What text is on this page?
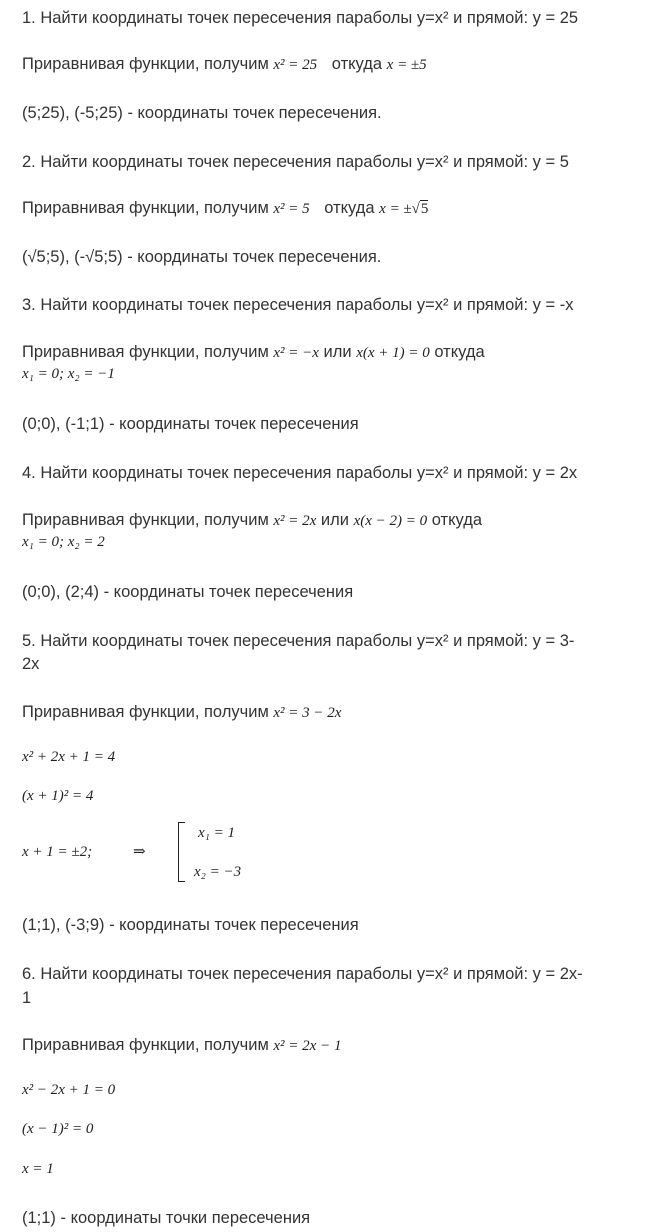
1. Найти координаты точек пересечения параболы y=x² и прямой: y = 25
Приравнивая функции, получим x² = 25 откуда x = ±5
(5;25), (-5;25) - координаты точек пересечения.
2. Найти координаты точек пересечения параболы y=x² и прямой: y = 5
Приравнивая функции, получим x² = 5 откуда x = ±√5
(√5;5), (-√5;5) - координаты точек пересечения.
3. Найти координаты точек пересечения параболы y=x² и прямой: y = -x
Приравнивая функции, получим x² = −x или x(x + 1) = 0 откуда
x₁ = 0; x₂ = −1
(0;0), (-1;1) - координаты точек пересечения
4. Найти координаты точек пересечения параболы y=x² и прямой: y = 2x
Приравнивая функции, получим x² = 2x или x(x − 2) = 0 откуда
x₁ = 0; x₂ = 2
(0;0), (2;4) - координаты точек пересечения
5. Найти координаты точек пересечения параболы y=x² и прямой: y = 3-
2x
Приравнивая функции, получим x² = 3 − 2x
x² + 2x + 1 = 4
(x + 1)² = 4
x + 1 = ±2;	⇒
x₁ = 1
x₂ = −3
(1;1), (-3;9) - координаты точек пересечения
6. Найти координаты точек пересечения параболы y=x² и прямой: y = 2x-
1
Приравнивая функции, получим x² = 2x − 1
x² − 2x + 1 = 0
(x − 1)² = 0
x = 1
(1;1) - координаты точки пересечения
